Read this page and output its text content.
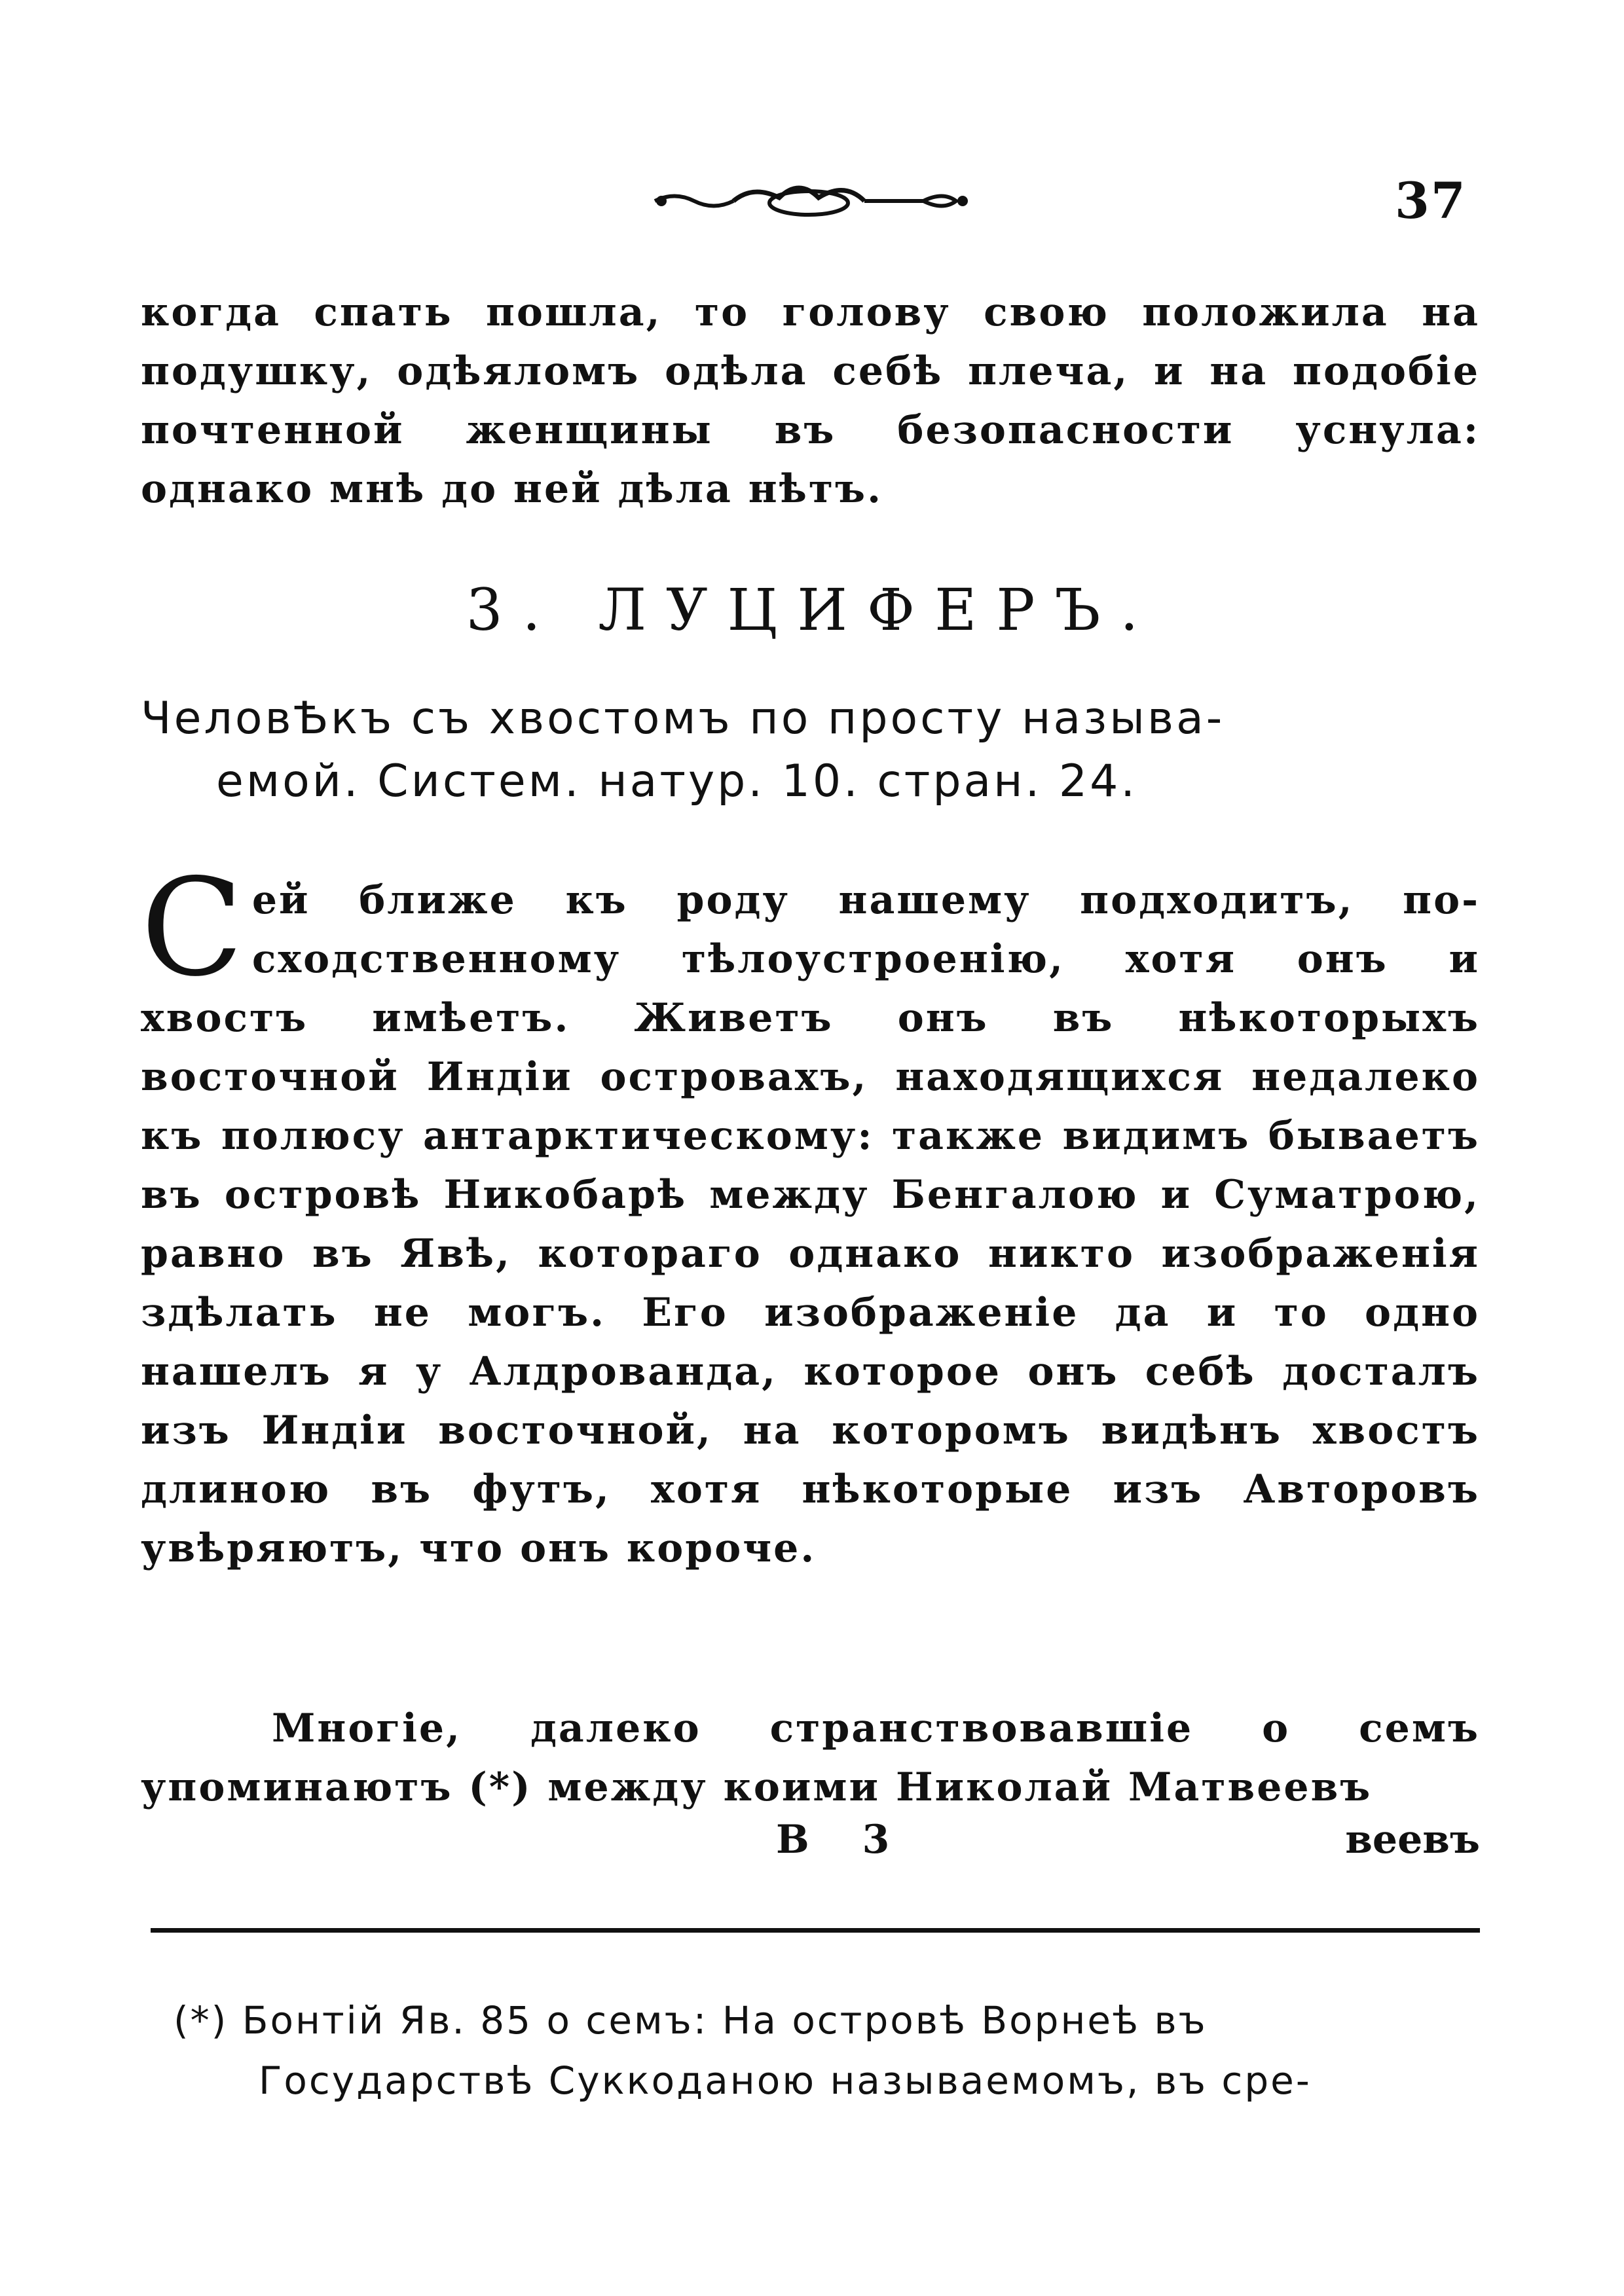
37
когда спать пошла, то голову свою положила на подушку, одѣяломъ одѣла себѣ плеча, и на подобіе почтенной женщины въ безопасности уснула: однако мнѣ до ней дѣла нѣтъ.
3. ЛУЦИФЕРЪ.
ЧеловѢкъ съ хвостомъ по просту называ-
емой. Систем. натур. 10. стран. 24.
С ей ближе къ роду нашему подходитъ, по-сходственному тѣлоустроенію, хотя онъ и хвостъ имѣетъ. Живетъ онъ въ нѣкоторыхъ восточной Индіи островахъ, находящихся недалеко къ полюсу антарктическому: также видимъ бываетъ въ островѣ Никобарѣ между Бенгалою и Суматрою, равно въ Явѣ, котораго однако никто изображенія здѣлать не могъ. Его изображеніе да и то одно нашелъ я у Алдрованда, которое онъ себѣ досталъ изъ Индіи восточной, на которомъ видѣнъ хвостъ длиною въ футъ, хотя нѣкоторые изъ Авторовъ увѣряютъ, что онъ короче.
Многіе, далеко странствовавшіе о семъ упоминаютъ (*) между коими Николай Матвеевъ
В 3	веевъ
(*) Бонтій Яв. 85 о семъ: На островѣ Ворнеѣ въ
Государствѣ Суккоданою называемомъ, въ сре-
